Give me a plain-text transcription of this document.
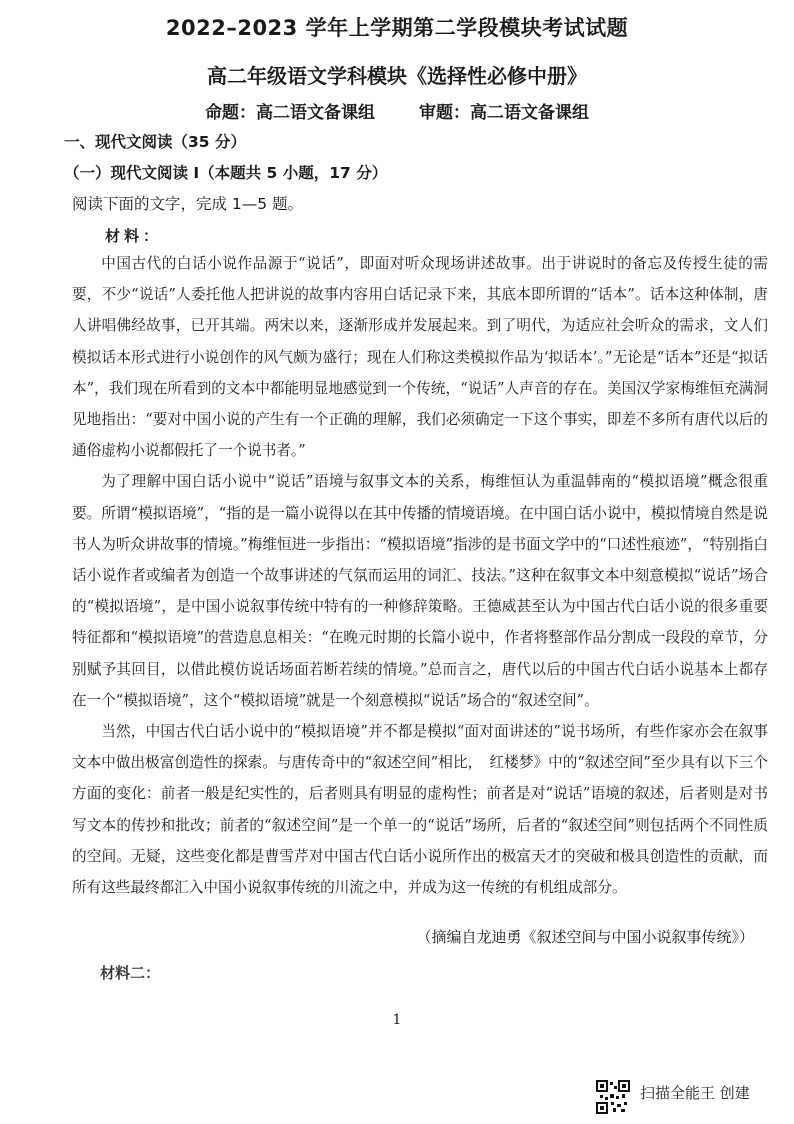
2022–2023 学年上学期第二学段模块考试试题
高二年级语文学科模块《选择性必修中册》
命题：高二语文备课组	审题：高二语文备课组
一、现代文阅读（35 分）
（一）现代文阅读 I（本题共 5 小题，17 分）
阅读下面的文字，完成 1—5 题。
材料：

中国古代的白话小说作品源于“说话”，即面对听众现场讲述故事。出于讲说时的备忘及传授生徒的需要，不少“说话”人委托他人把讲说的故事内容用白话记录下来，其底本即所谓的“话本”。话本这种体制，唐人讲唱佛经故事，已开其端。两宋以来，逐渐形成并发展起来。到了明代，为适应社会听众的需求，文人们模拟话本形式进行小说创作的风气颇为盛行；现在人们称这类模拟作品为‘拟话本’。”无论是“话本”还是“拟话本”，我们现在所看到的文本中都能明显地感觉到一个传统，“说话”人声音的存在。美国汉学家梅维恒充满洞见地指出：“要对中国小说的产生有一个正确的理解，我们必须确定一下这个事实，即差不多所有唐代以后的通俗虚构小说都假托了一个说书者。”

为了理解中国白话小说中“说话”语境与叙事文本的关系，梅维恒认为重温韩南的“模拟语境”概念很重要。所谓“模拟语境”，“指的是一篇小说得以在其中传播的情境语境。在中国白话小说中，模拟情境自然是说书人为听众讲故事的情境。”梅维恒进一步指出：“模拟语境”指涉的是书面文学中的“口述性痕迹”，“特别指白话小说作者或编者为创造一个故事讲述的气氛而运用的词汇、技法。”这种在叙事文本中刻意模拟“说话”场合的“模拟语境”，是中国小说叙事传统中特有的一种修辞策略。王德威甚至认为中国古代白话小说的很多重要特征都和“模拟语境”的营造息息相关：“在晚元时期的长篇小说中，作者将整部作品分割成一段段的章节，分别赋予其回目，以借此模仿说话场面若断若续的情境。”总而言之，唐代以后的中国古代白话小说基本上都存在一个“模拟语境”，这个“模拟语境”就是一个刻意模拟“说话”场合的“叙述空间”。

当然，中国古代白话小说中的“模拟语境”并不都是模拟“面对面讲述的”说书场所，有些作家亦会在叙事文本中做出极富创造性的探索。与唐传奇中的“叙述空间”相比，　红楼梦》中的“叙述空间”至少具有以下三个方面的变化：前者一般是纪实性的，后者则具有明显的虚构性；前者是对“说话”语境的叙述，后者则是对书写文本的传抄和批改；前者的“叙述空间”是一个单一的“说话”场所，后者的“叙述空间”则包括两个不同性质的空间。无疑，这些变化都是曹雪芹对中国古代白话小说所作出的极富天才的突破和极具创造性的贡献，而所有这些最终都汇入中国小说叙事传统的川流之中，并成为这一传统的有机组成部分。

（摘编自龙迪勇《叙述空间与中国小说叙事传统》）
材料二：
1
扫描全能王 创建
